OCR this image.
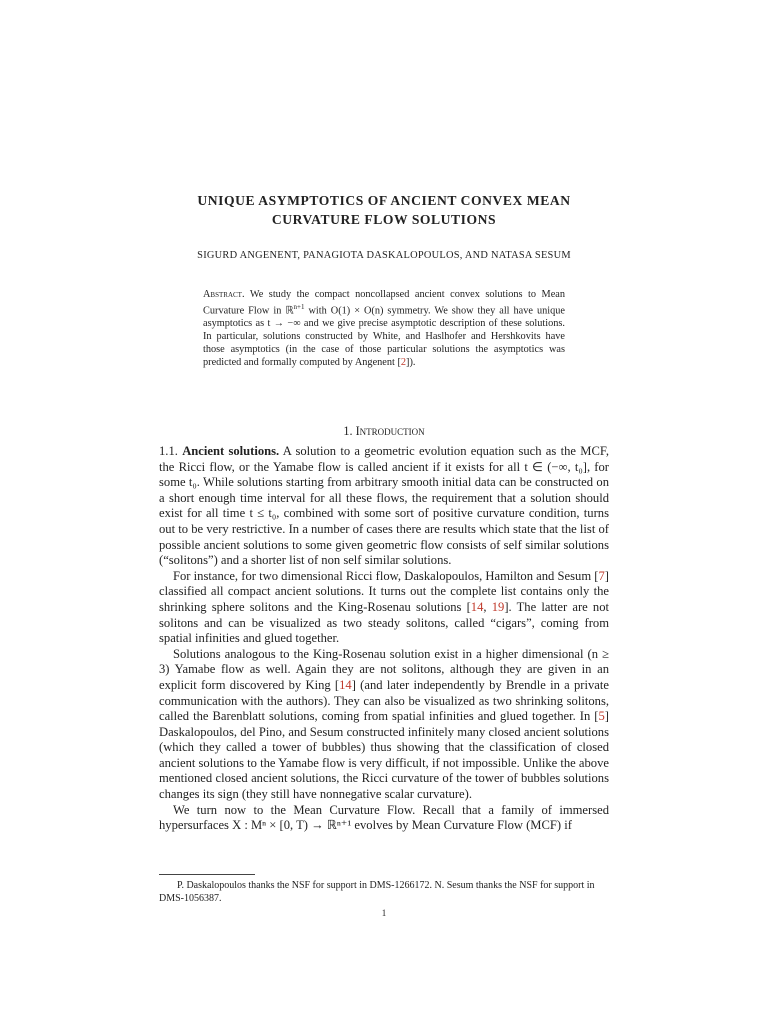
UNIQUE ASYMPTOTICS OF ANCIENT CONVEX MEAN
CURVATURE FLOW SOLUTIONS
SIGURD ANGENENT, PANAGIOTA DASKALOPOULOS, AND NATASA SESUM
Abstract. We study the compact noncollapsed ancient convex solutions to Mean Curvature Flow in ℝ$^{n+1}$ with O(1) × O(n) symmetry. We show they all have unique asymptotics as t → −∞ and we give precise asymptotic description of these solutions. In particular, solutions constructed by White, and Haslhofer and Hershkovits have those asymptotics (in the case of those particular solutions the asymptotics was predicted and formally computed by Angenent [2]).
1. Introduction

1.1. Ancient solutions. A solution to a geometric evolution equation such as the MCF, the Ricci flow, or the Yamabe flow is called ancient if it exists for all t ∈ (−∞, t₀], for some t₀. While solutions starting from arbitrary smooth initial data can be constructed on a short enough time interval for all these flows, the requirement that a solution should exist for all time t ≤ t₀, combined with some sort of positive curvature condition, turns out to be very restrictive. In a number of cases there are results which state that the list of possible ancient solutions to some given geometric flow consists of self similar solutions (“solitons”) and a shorter list of non self similar solutions.

For instance, for two dimensional Ricci flow, Daskalopoulos, Hamilton and Sesum [7] classified all compact ancient solutions. It turns out the complete list contains only the shrinking sphere solitons and the King-Rosenau solutions [14, 19]. The latter are not solitons and can be visualized as two steady solitons, called “cigars”, coming from spatial infinities and glued together.

Solutions analogous to the King-Rosenau solution exist in a higher dimensional (n ≥ 3) Yamabe flow as well. Again they are not solitons, although they are given in an explicit form discovered by King [14] (and later independently by Brendle in a private communication with the authors). They can also be visualized as two shrinking solitons, called the Barenblatt solutions, coming from spatial infinities and glued together. In [5] Daskalopoulos, del Pino, and Sesum constructed infinitely many closed ancient solutions (which they called a tower of bubbles) thus showing that the classification of closed ancient solutions to the Yamabe flow is very difficult, if not impossible. Unlike the above mentioned closed ancient solutions, the Ricci curvature of the tower of bubbles solutions changes its sign (they still have nonnegative scalar curvature).

We turn now to the Mean Curvature Flow. Recall that a family of immersed hypersurfaces X : Mⁿ × [0, T) → ℝⁿ⁺¹ evolves by Mean Curvature Flow (MCF) if

P. Daskalopoulos thanks the NSF for support in DMS-1266172. N. Sesum thanks the NSF for support in DMS-1056387.

1
